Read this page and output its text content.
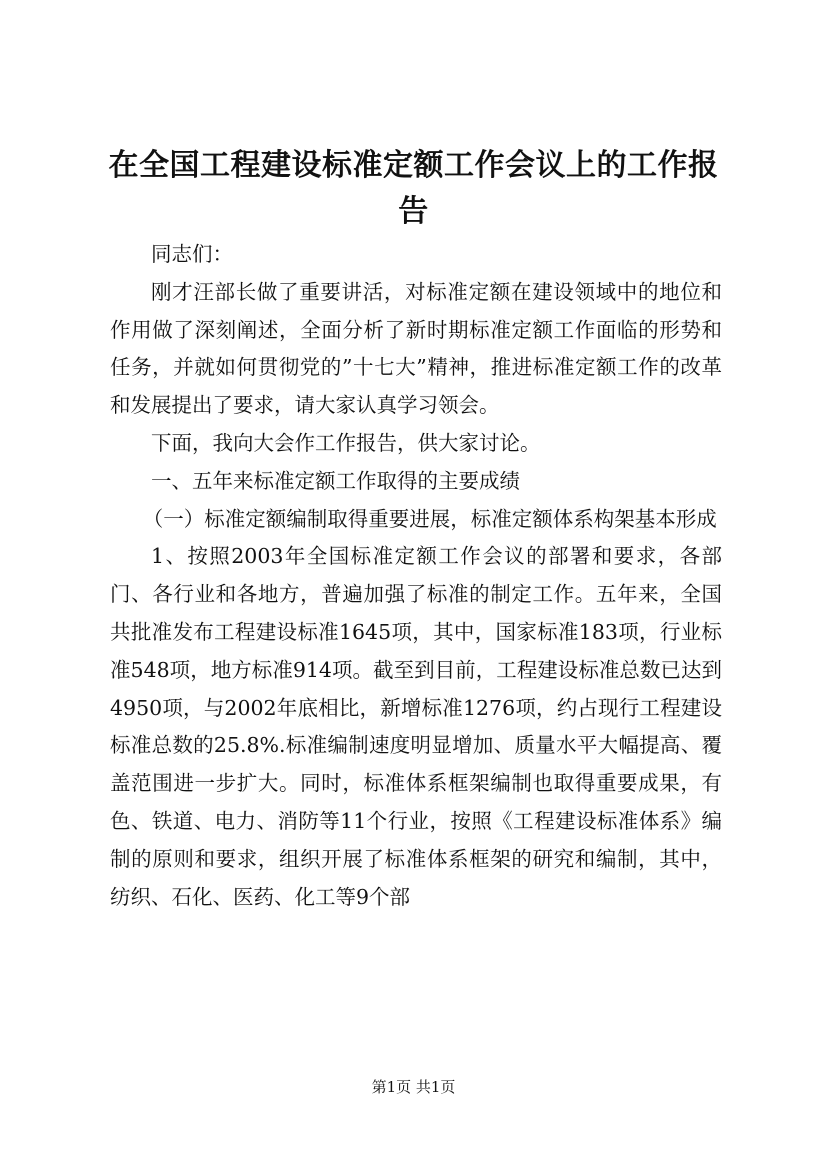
在全国工程建设标准定额工作会议上的工作报告

同志们：

刚才汪部长做了重要讲活，对标准定额在建设领域中的地位和作用做了深刻阐述，全面分析了新时期标准定额工作面临的形势和任务，并就如何贯彻党的”十七大”精神，推进标准定额工作的改革和发展提出了要求，请大家认真学习领会。

下面，我向大会作工作报告，供大家讨论。

一、五年来标准定额工作取得的主要成绩

（一）标准定额编制取得重要进展，标准定额体系构架基本形成

1、按照2003年全国标准定额工作会议的部署和要求，各部门、各行业和各地方，普遍加强了标准的制定工作。五年来，全国共批准发布工程建设标准1645项，其中，国家标准183项，行业标准548项，地方标准914项。截至到目前，工程建设标准总数已达到4950项，与2002年底相比，新增标准1276项，约占现行工程建设标准总数的25.8%.标准编制速度明显增加、质量水平大幅提高、覆盖范围进一步扩大。同时，标准体系框架编制也取得重要成果，有色、铁道、电力、消防等11个行业，按照《工程建设标准体系》编制的原则和要求，组织开展了标准体系框架的研究和编制，其中，纺织、石化、医药、化工等9个部

第1页 共1页
